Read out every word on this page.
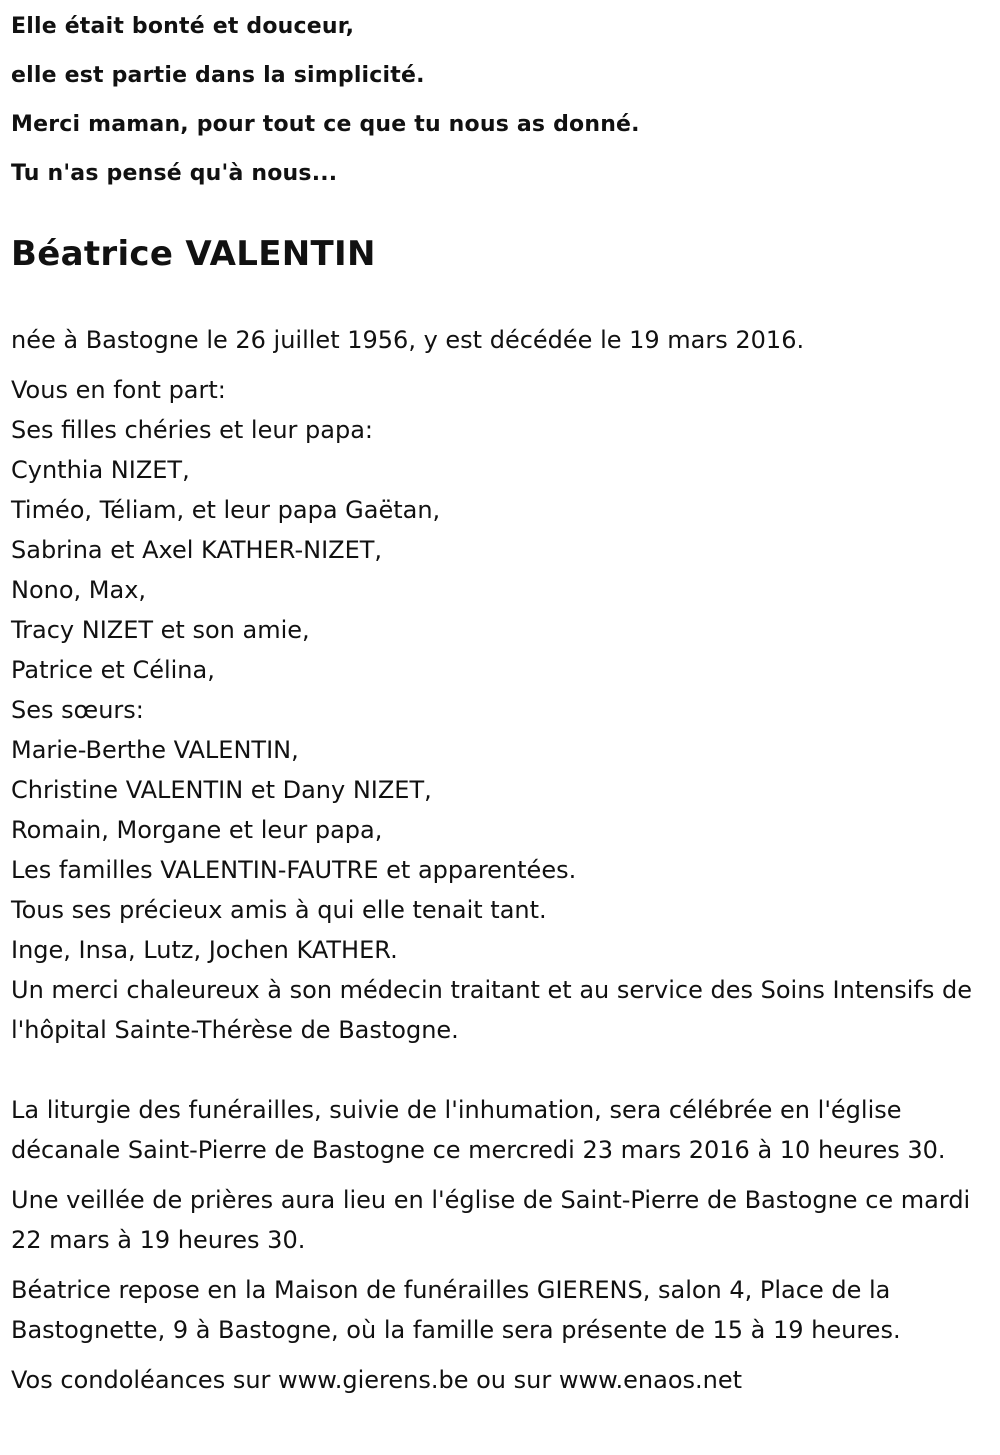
Elle était bonté et douceur,

elle est partie dans la simplicité.

Merci maman, pour tout ce que tu nous as donné.

Tu n'as pensé qu'à nous...

Béatrice VALENTIN

née à Bastogne le 26 juillet 1956, y est décédée le 19 mars 2016.

Vous en font part:

Ses filles chéries et leur papa:

Cynthia NIZET,

Timéo, Téliam, et leur papa Gaëtan,

Sabrina et Axel KATHER-NIZET,

Nono, Max,

Tracy NIZET et son amie,

Patrice et Célina,

Ses sœurs:

Marie-Berthe VALENTIN,

Christine VALENTIN et Dany NIZET,

Romain, Morgane et leur papa,

Les familles VALENTIN-FAUTRE et apparentées.

Tous ses précieux amis à qui elle tenait tant.

Inge, Insa, Lutz, Jochen KATHER.

Un merci chaleureux à son médecin traitant et au service des Soins Intensifs de l'hôpital Sainte-Thérèse de Bastogne.

La liturgie des funérailles, suivie de l'inhumation, sera célébrée en l'église décanale Saint-Pierre de Bastogne ce mercredi 23 mars 2016 à 10 heures 30.

Une veillée de prières aura lieu en l'église de Saint-Pierre de Bastogne ce mardi 22 mars à 19 heures 30.

Béatrice repose en la Maison de funérailles GIERENS, salon 4, Place de la Bastognette, 9 à Bastogne, où la famille sera présente de 15 à 19 heures.

Vos condoléances sur www.gierens.be ou sur www.enaos.net
